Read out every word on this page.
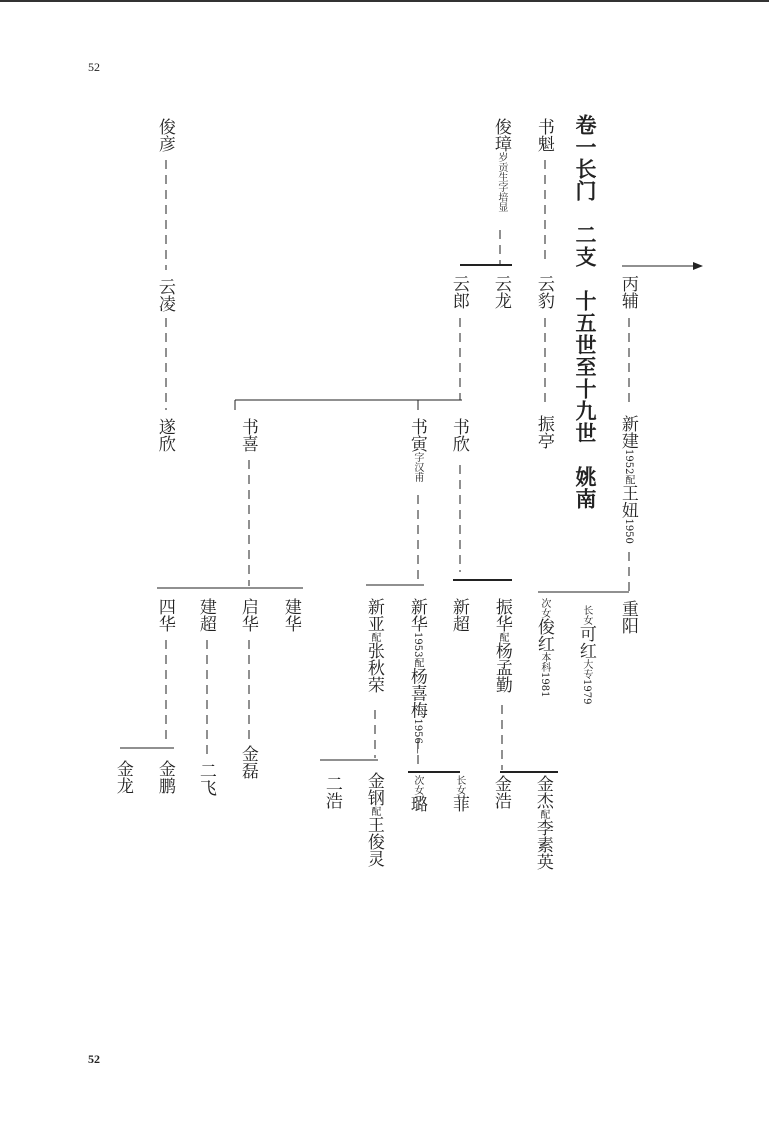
52
52
卷一长门　二支　十五世至十九世　姚南 丙辅
新建1952配王妞1950
重阳
长女可红大专1979
次女俊红本科1981
书魁
云豹
振亭
俊璋岁贡生字培显
云龙
云郎
书欣
书寅字汉甫
书喜
振华配杨孟勤
新超
新华1953配杨喜梅1956—
新亚配张秋荣
建华
启华
建超
四华
金杰配李素英
金浩
长女菲
次女璐
金钢配王俊灵
二浩
金磊
二飞
金鹏
金龙
俊彦
云凌
遂欣
